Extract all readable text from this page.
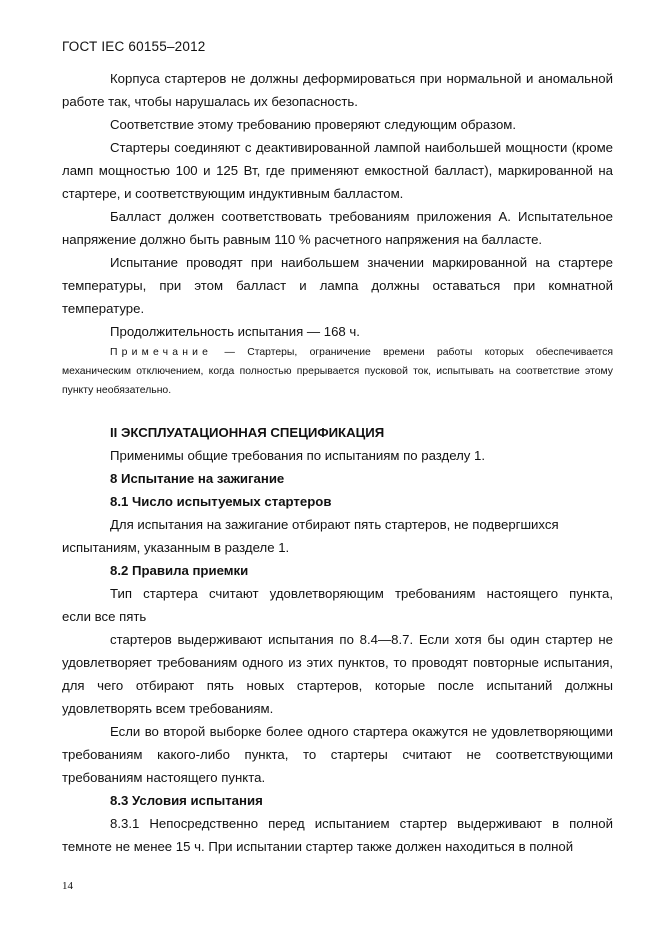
ГОСТ IEC 60155–2012

Корпуса стартеров не должны деформироваться при нормальной и аномальной работе так, чтобы нарушалась их безопасность.

Соответствие этому требованию проверяют следующим образом.

Стартеры соединяют с деактивированной лампой наибольшей мощности (кроме ламп мощностью 100 и 125 Вт, где применяют емкостной балласт), маркированной на стартере, и соответствующим индуктивным балластом.

Балласт должен соответствовать требованиям приложения А. Испытательное напряжение должно быть равным 110 % расчетного напряжения на балласте.

Испытание проводят при наибольшем значении маркированной на стартере температуры, при этом балласт и лампа должны оставаться при комнатной температуре.

Продолжительность испытания — 168 ч.

Примечание — Стартеры, ограничение времени работы которых обеспечивается механическим отключением, когда полностью прерывается пусковой ток, испытывать на соответствие этому пункту необязательно.

II ЭКСПЛУАТАЦИОННАЯ СПЕЦИФИКАЦИЯ

Применимы общие требования по испытаниям по разделу 1.

8 Испытание на зажигание

8.1 Число испытуемых стартеров

Для испытания на зажигание отбирают пять стартеров, не подвергшихся

испытаниям, указанным в разделе 1.

8.2 Правила приемки

Тип стартера считают удовлетворяющим требованиям настоящего пункта,

если все пять

стартеров выдерживают испытания по 8.4—8.7. Если хотя бы один стартер не удовлетворяет требованиям одного из этих пунктов, то проводят повторные испытания, для чего отбирают пять новых стартеров, которые после испытаний должны удовлетворять всем требованиям.

Если во второй выборке более одного стартера окажутся не удовлетворяющими требованиям какого-либо пункта, то стартеры считают не соответствующими требованиям настоящего пункта.

8.3 Условия испытания

8.3.1 Непосредственно перед испытанием стартер выдерживают в полной темноте не менее 15 ч. При испытании стартер также должен находиться в полной

14
